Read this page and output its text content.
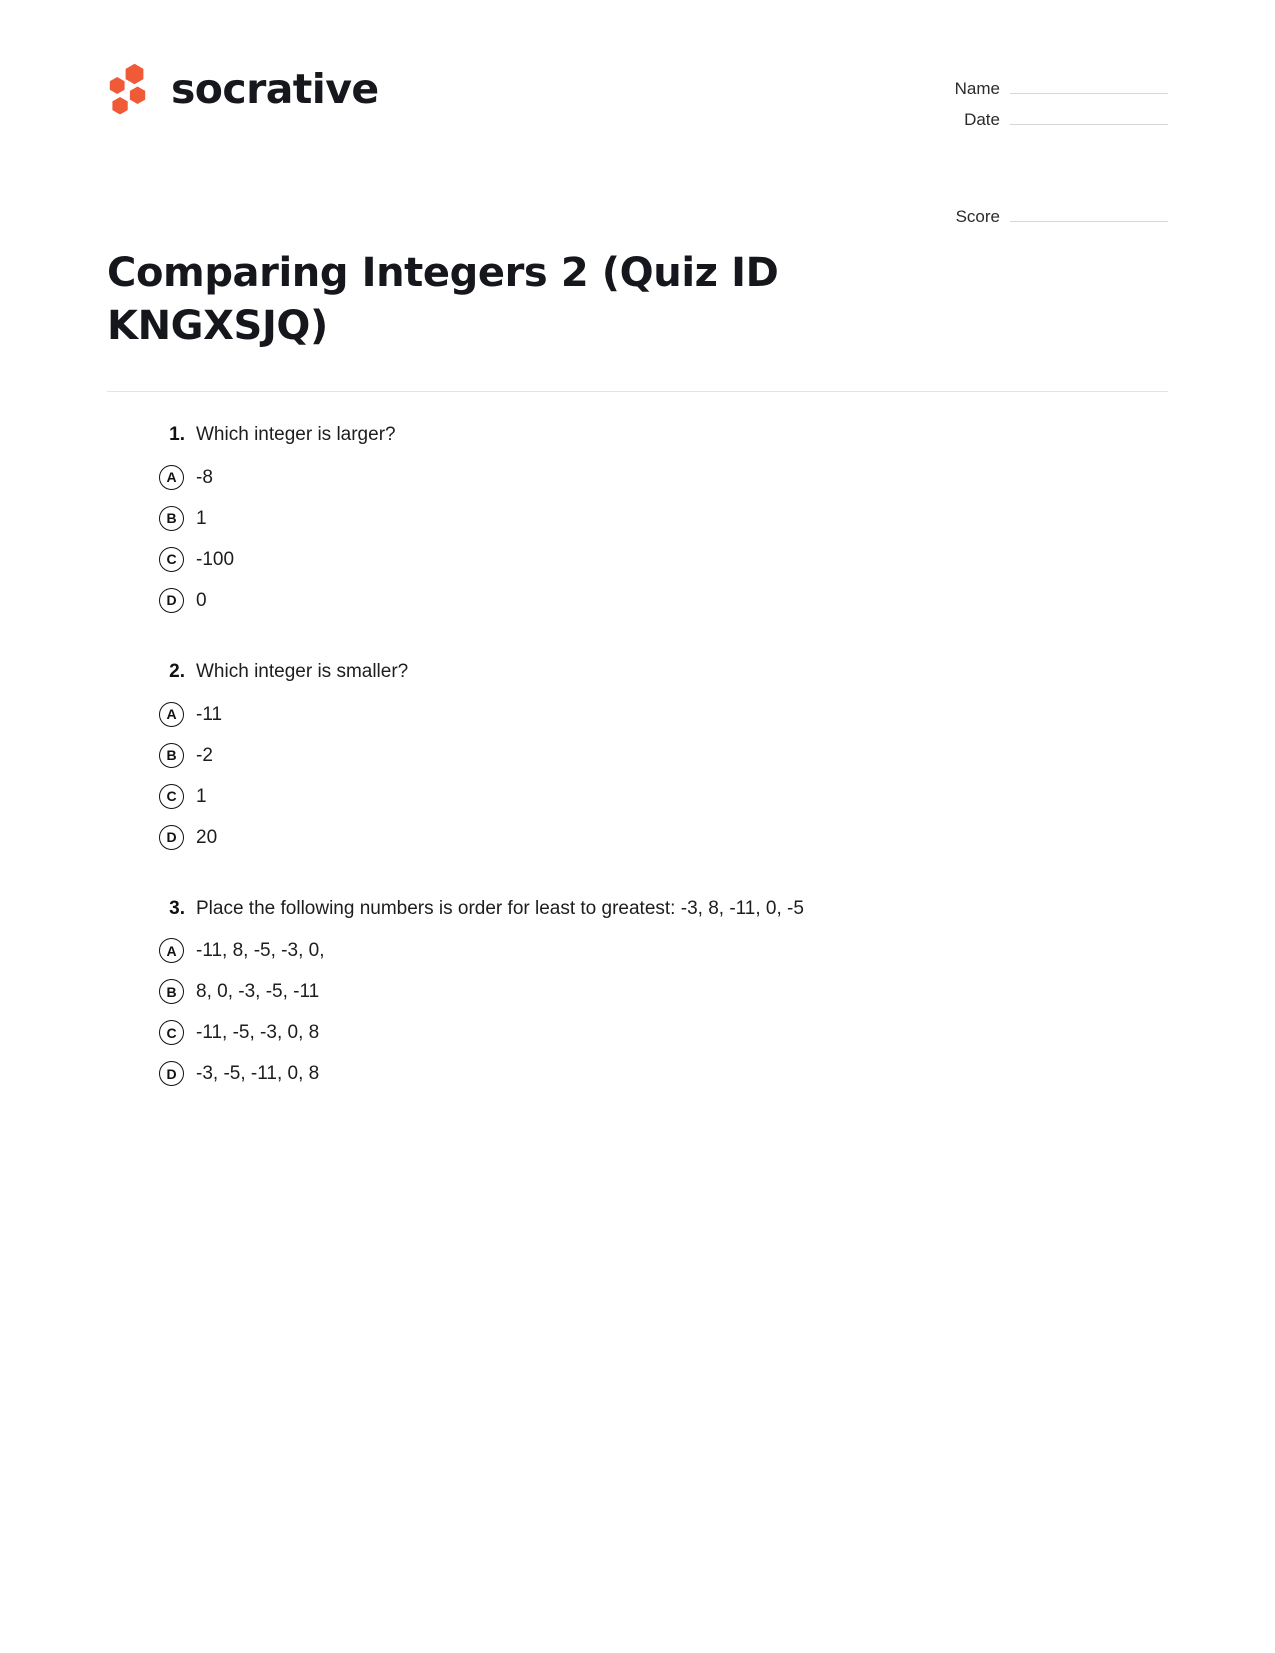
socrative	Name
Date
Score
Comparing Integers 2 (Quiz ID KNGXSJQ)
1. Which integer is larger?
A	-8
B	1
C	-100
D	0
2. Which integer is smaller?
A	-11
B	-2
C	1
D	20
3. Place the following numbers is order for least to greatest: -3, 8, -11, 0, -5
A	-11, 8, -5, -3, 0,
B	8, 0, -3, -5, -11
C	-11, -5, -3, 0, 8
D	-3, -5, -11, 0, 8
